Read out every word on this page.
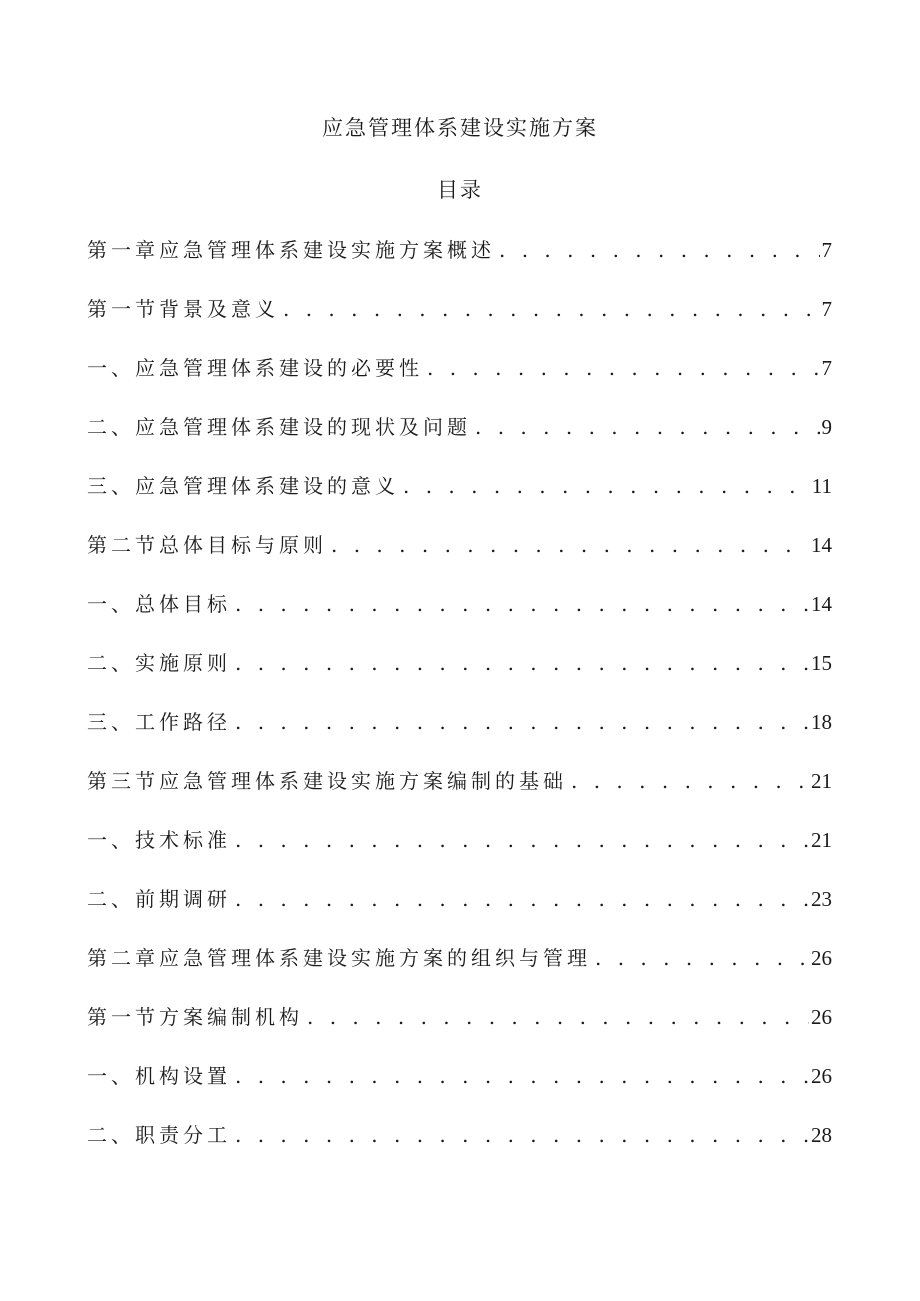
应急管理体系建设实施方案
目录
第一章应急管理体系建设实施方案概述 . . .	7
第一节背景及意义 . . .	7
一、应急管理体系建设的必要性 . . .	7
二、应急管理体系建设的现状及问题 . . .	9
三、应急管理体系建设的意义 . . .	11
第二节总体目标与原则 . . .	14
一、总体目标 . . .	14
二、实施原则 . . .	15
三、工作路径 . . .	18
第三节应急管理体系建设实施方案编制的基础 . . .	21
一、技术标准 . . .	21
二、前期调研 . . .	23
第二章应急管理体系建设实施方案的组织与管理 . . .	26
第一节方案编制机构 . . .	26
一、机构设置 . . .	26
二、职责分工 . . .	28
